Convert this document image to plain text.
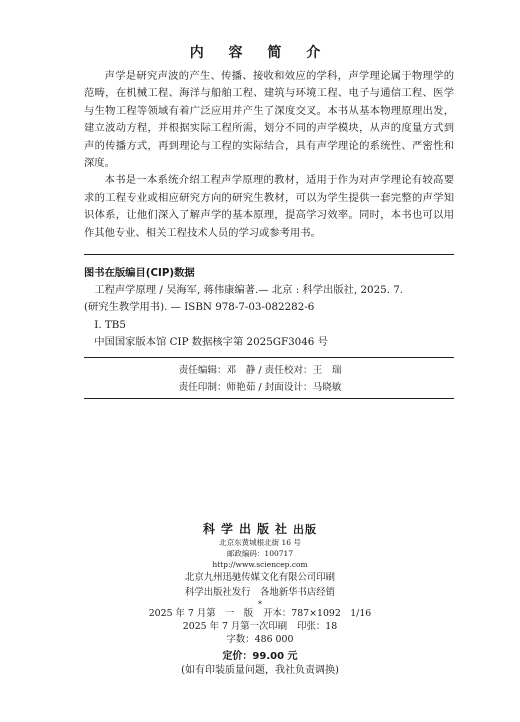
内 容 简 介

声学是研究声波的产生、传播、接收和效应的学科，声学理论属于物理学的范畴，在机械工程、海洋与船舶工程、建筑与环境工程、电子与通信工程、医学与生物工程等领域有着广泛应用并产生了深度交叉。本书从基本物理原理出发，建立波动方程，并根据实际工程所需，划分不同的声学模块，从声的度量方式到声的传播方式，再到理论与工程的实际结合，具有声学理论的系统性、严密性和深度。

本书是一本系统介绍工程声学原理的教材，适用于作为对声学理论有较高要求的工程专业或相应研究方向的研究生教材，可以为学生提供一套完整的声学知识体系，让他们深入了解声学的基本原理，提高学习效率。同时，本书也可以用作其他专业、相关工程技术人员的学习或参考用书。

图书在版编目(CIP)数据
工程声学原理 / 吴海军, 蒋伟康编著.— 北京 : 科学出版社, 2025. 7.
(研究生教学用书). — ISBN 978-7-03-082282-6
Ⅰ. TB5
中国国家版本馆 CIP 数据核字第 2025GF3046 号
责任编辑：邓　静 / 责任校对：王　瑞
责任印制：师艳茹 / 封面设计：马晓敏
科学出版社出版
北京东黄城根北街 16 号
邮政编码：100717
http://www.sciencep.com
北京九州迅驰传媒文化有限公司印刷
科学出版社发行　各地新华书店经销
*
2025 年 7 月第　一　版 开本：787×1092　1/16
2025 年 7 月第一次印刷 印张：18
字数：486 000
定价：99.00 元
(如有印装质量问题，我社负责调换)
